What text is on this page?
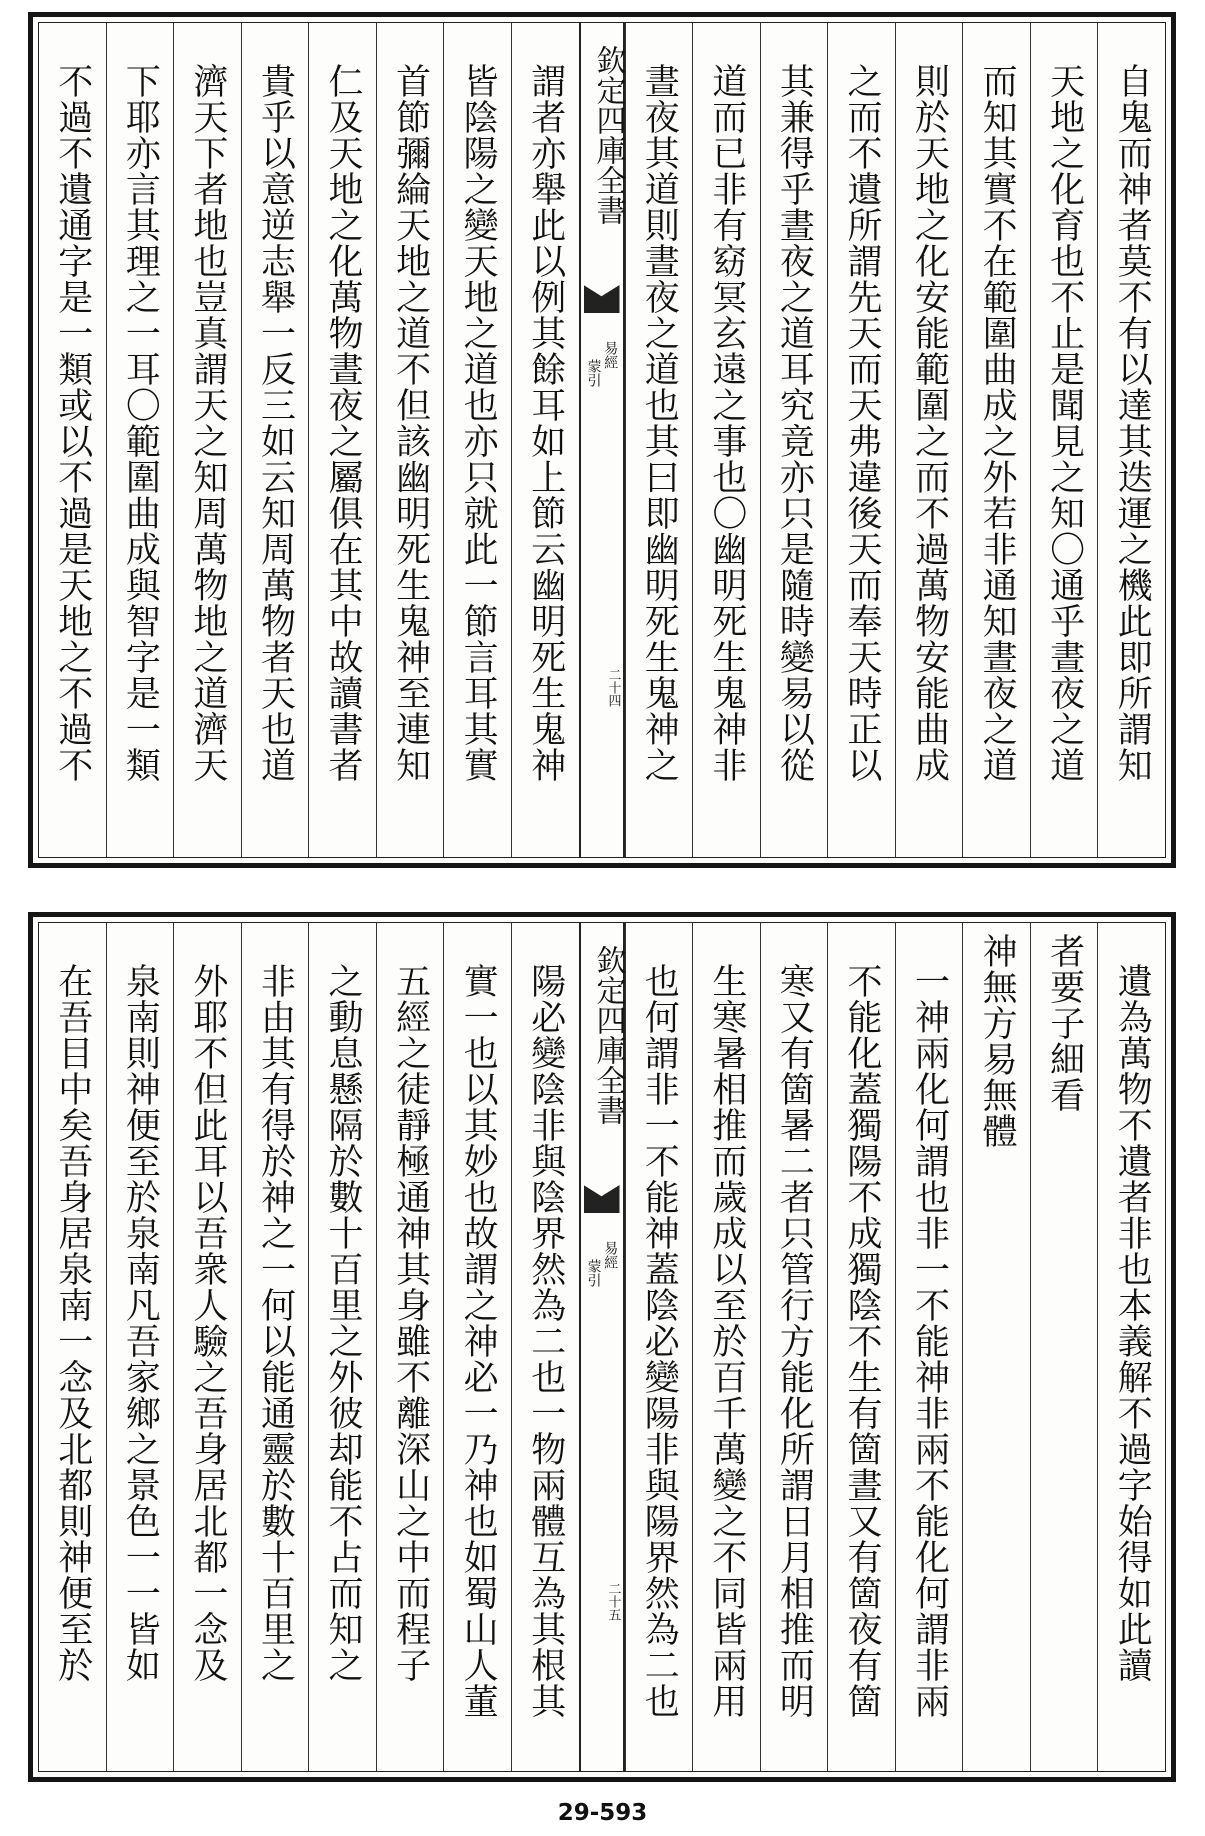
自鬼而神者莫不有以達其迭運之機此即所謂知
天地之化育也不止是聞見之知〇通乎晝夜之道
而知其實不在範圍曲成之外若非通知晝夜之道
則於天地之化安能範圍之而不過萬物安能曲成
之而不遺所謂先天而天弗違後天而奉天時正以
其兼得乎晝夜之道耳究竟亦只是隨時變易以從
道而已非有窈冥玄遠之事也〇幽明死生鬼神非
晝夜其道則晝夜之道也其曰即幽明死生鬼神之
欽定四庫全書
易經
蒙引
二十四
謂者亦舉此以例其餘耳如上節云幽明死生鬼神
皆陰陽之變天地之道也亦只就此一節言耳其實
首節彌綸天地之道不但該幽明死生鬼神至連知
仁及天地之化萬物晝夜之屬俱在其中故讀書者
貴乎以意逆志舉一反三如云知周萬物者天也道
濟天下者地也豈真謂天之知周萬物地之道濟天
下耶亦言其理之一耳〇範圍曲成與智字是一類
不過不遺通字是一類或以不過是天地之不過不
遺為萬物不遺者非也本義解不過字始得如此讀
者要子細看
神無方易無體
一神兩化何謂也非一不能神非兩不能化何謂非兩
不能化蓋獨陽不成獨陰不生有箇晝又有箇夜有箇
寒又有箇暑二者只管行方能化所謂日月相推而明
生寒暑相推而歲成以至於百千萬變之不同皆兩用
也何謂非一不能神蓋陰必變陽非與陽界然為二也
欽定四庫全書
易經
蒙引
二十五
陽必變陰非與陰界然為二也一物兩體互為其根其
實一也以其妙也故謂之神必一乃神也如蜀山人董
五經之徒靜極通神其身雖不離深山之中而程子
之動息懸隔於數十百里之外彼却能不占而知之
非由其有得於神之一何以能通靈於數十百里之
外耶不但此耳以吾衆人驗之吾身居北都一念及
泉南則神便至於泉南凡吾家鄉之景色一一皆如
在吾目中矣吾身居泉南一念及北都則神便至於
29-593
